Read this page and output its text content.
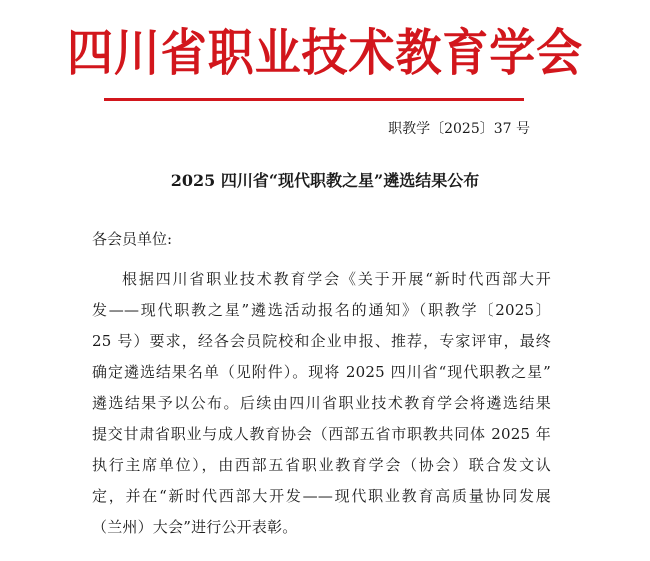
四川省职业技术教育学会
职教学〔2025〕37 号
2025 四川省“现代职教之星”遴选结果公布
各会员单位:
根据四川省职业技术教育学会《关于开展“新时代西部大开
发——现代职教之星”遴选活动报名的通知》（职教学〔2025〕
25 号）要求，经各会员院校和企业申报、推荐，专家评审，最终
确定遴选结果名单（见附件）。现将 2025 四川省“现代职教之星”
遴选结果予以公布。后续由四川省职业技术教育学会将遴选结果
提交甘肃省职业与成人教育协会（西部五省市职教共同体 2025 年
执行主席单位），由西部五省职业教育学会（协会）联合发文认
定，并在“新时代西部大开发——现代职业教育高质量协同发展
（兰州）大会”进行公开表彰。
